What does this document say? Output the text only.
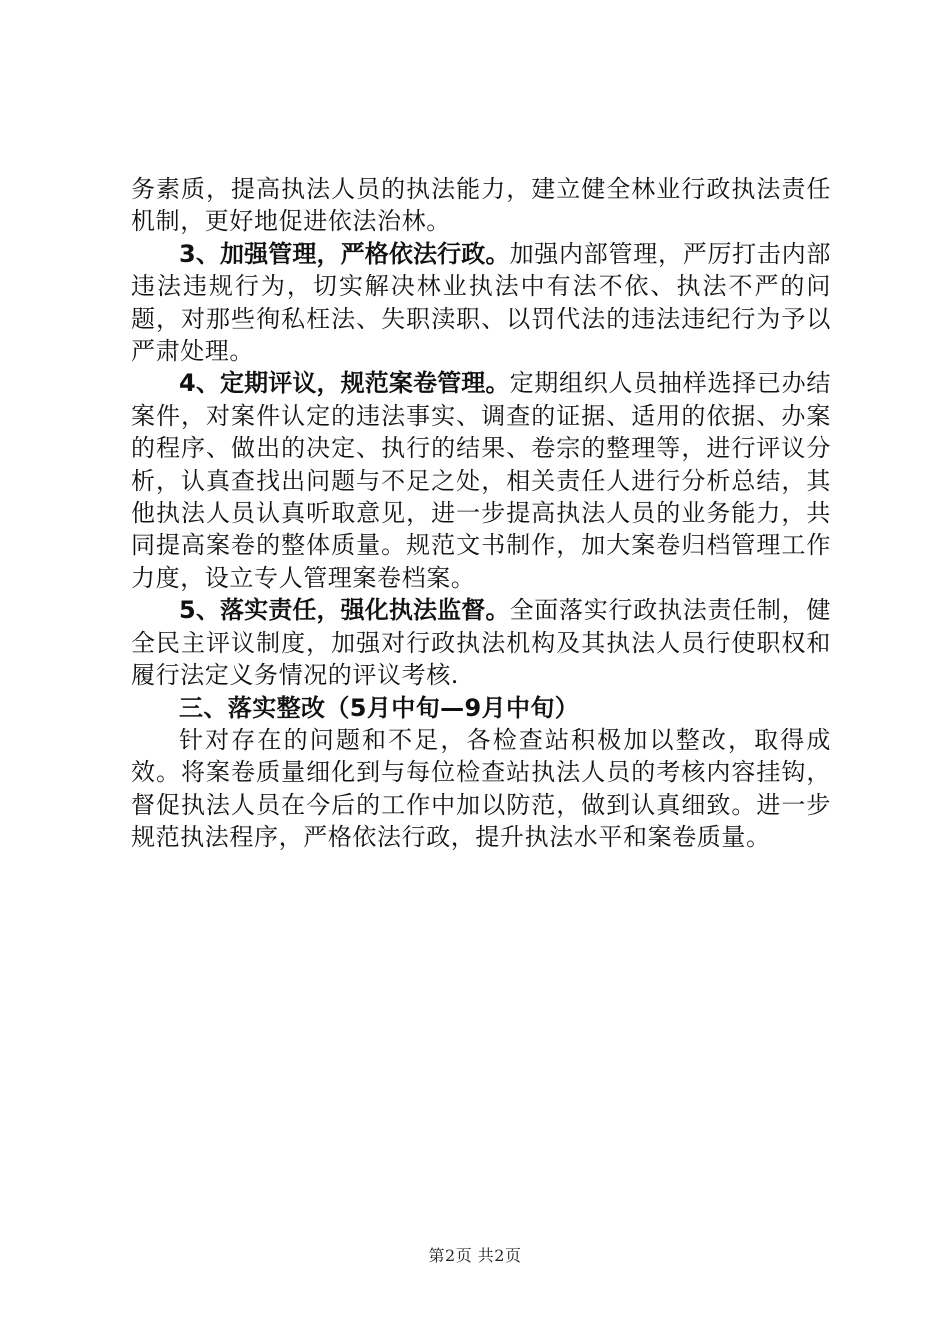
务素质，提高执法人员的执法能力，建立健全林业行政执法责任机制，更好地促进依法治林。

3、加强管理，严格依法行政。加强内部管理，严厉打击内部违法违规行为，切实解决林业执法中有法不依、执法不严的问题，对那些徇私枉法、失职渎职、以罚代法的违法违纪行为予以严肃处理。

4、定期评议，规范案卷管理。定期组织人员抽样选择已办结案件，对案件认定的违法事实、调查的证据、适用的依据、办案的程序、做出的决定、执行的结果、卷宗的整理等，进行评议分析，认真查找出问题与不足之处，相关责任人进行分析总结，其他执法人员认真听取意见，进一步提高执法人员的业务能力，共同提高案卷的整体质量。规范文书制作，加大案卷归档管理工作力度，设立专人管理案卷档案。

5、落实责任，强化执法监督。全面落实行政执法责任制，健全民主评议制度，加强对行政执法机构及其执法人员行使职权和履行法定义务情况的评议考核.

三、落实整改（5月中旬—9月中旬）

针对存在的问题和不足，各检查站积极加以整改，取得成效。将案卷质量细化到与每位检查站执法人员的考核内容挂钩，督促执法人员在今后的工作中加以防范，做到认真细致。进一步规范执法程序，严格依法行政，提升执法水平和案卷质量。

第2页 共2页
